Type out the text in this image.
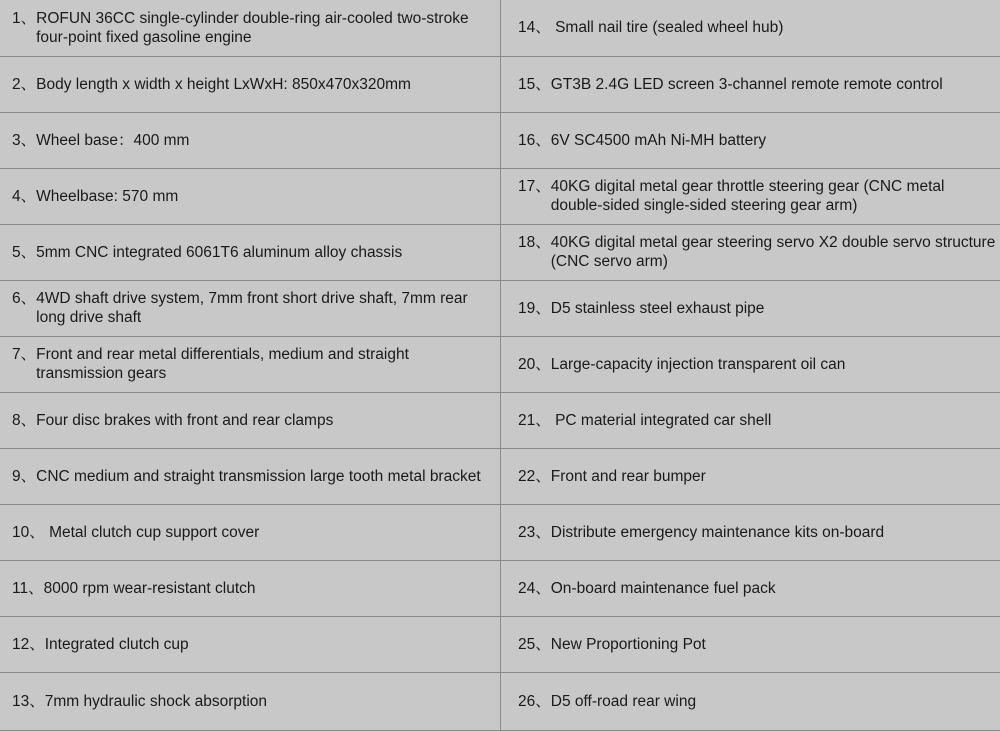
1、 ROFUN 36CC single-cylinder double-ring air-cooled two-stroke four-point fixed gasoline engine	14、 Small nail tire (sealed wheel hub)

2、 Body length x width x height LxWxH: 850x470x320mm	15、 GT3B 2.4G LED screen 3-channel remote remote control

3、 Wheel base：400 mm	16、 6V SC4500 mAh Ni-MH battery

4、 Wheelbase: 570 mm	17、 40KG digital metal gear throttle steering gear (CNC metal double-sided single-sided steering gear arm)

5、 5mm CNC integrated 6061T6 aluminum alloy chassis	18、 40KG digital metal gear steering servo X2 double servo structure (CNC servo arm)

6、 4WD shaft drive system, 7mm front short drive shaft, 7mm rear long drive shaft	19、 D5 stainless steel exhaust pipe

7、 Front and rear metal differentials, medium and straight transmission gears	20、 Large-capacity injection transparent oil can

8、 Four disc brakes with front and rear clamps	21、 PC material integrated car shell

9、 CNC medium and straight transmission large tooth metal bracket	22、 Front and rear bumper

10、 Metal clutch cup support cover	23、 Distribute emergency maintenance kits on-board

11、 8000 rpm wear-resistant clutch	24、 On-board maintenance fuel pack

12、 Integrated clutch cup	25、 New Proportioning Pot

13、 7mm hydraulic shock absorption	26、 D5 off-road rear wing
